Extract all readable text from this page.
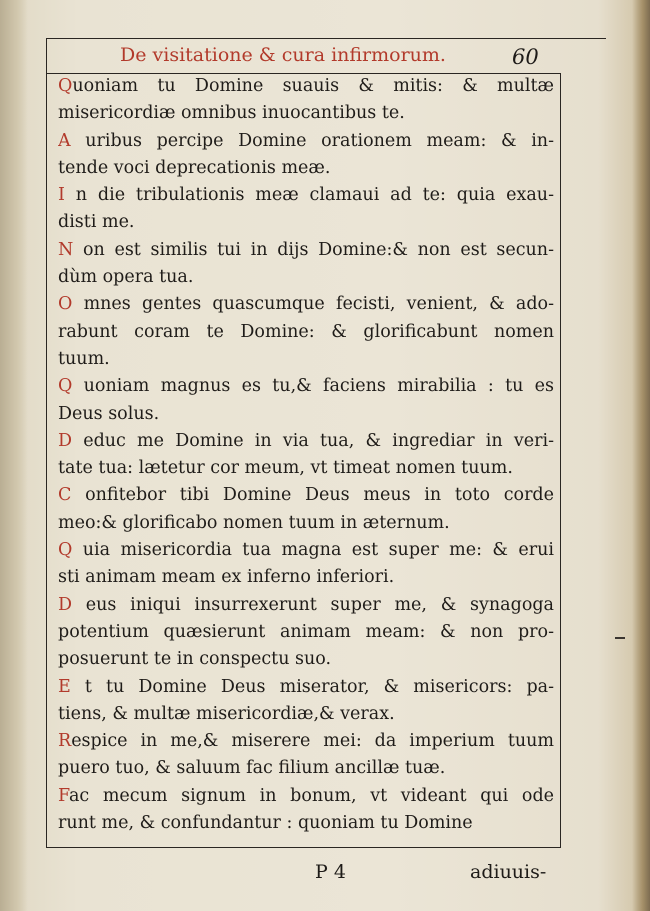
De visitatione & cura infirmorum.	60
Quoniam tu Domine suauis & mitis: & multæ
misericordiæ omnibus inuocantibus te.
A uribus percipe Domine orationem meam: & in-
tende voci deprecationis meæ.
I n die tribulationis meæ clamaui ad te: quia exau-
disti me.
N on est similis tui in dijs Domine:& non est secun-
dùm opera tua.
O mnes gentes quascumque fecisti, venient, & ado-
rabunt coram te Domine: & glorificabunt nomen
tuum.
Q uoniam magnus es tu,& faciens mirabilia : tu es
Deus solus.
D educ me Domine in via tua, & ingrediar in veri-
tate tua: lætetur cor meum, vt timeat nomen tuum.
C onfitebor tibi Domine Deus meus in toto corde
meo:& glorificabo nomen tuum in æternum.
Q uia misericordia tua magna est super me: & erui
sti animam meam ex inferno inferiori.
D eus iniqui insurrexerunt super me, & synagoga
potentium quæsierunt animam meam: & non pro-
posuerunt te in conspectu suo.
E t tu Domine Deus miserator, & misericors: pa-
tiens, & multæ misericordiæ,& verax.
Respice in me,& miserere mei: da imperium tuum
puero tuo, & saluum fac filium ancillæ tuæ.
Fac mecum signum in bonum, vt videant qui ode
runt me, & confundantur : quoniam tu Domine
P 4	adiuuis-
